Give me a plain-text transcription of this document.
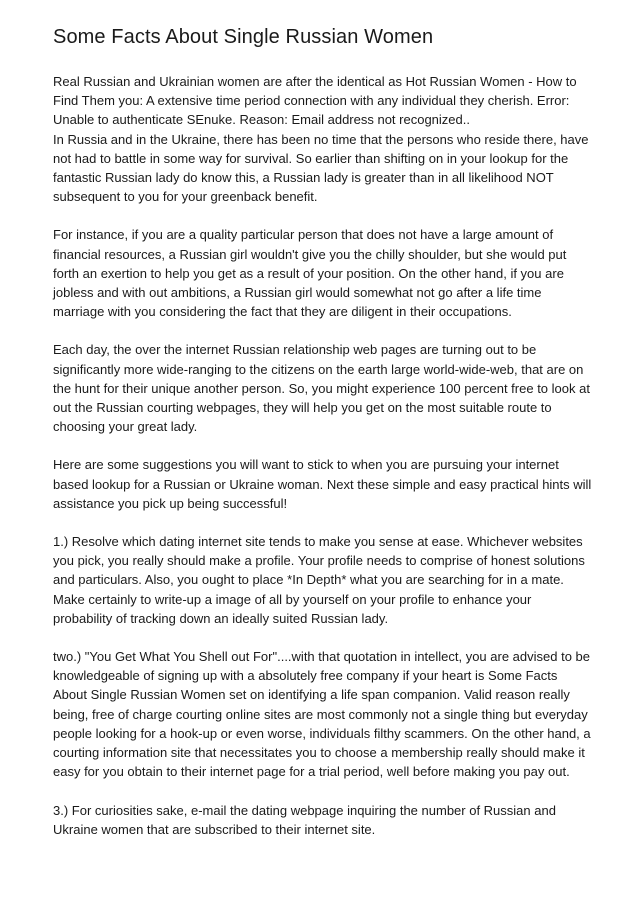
Some Facts About Single Russian Women

Real Russian and Ukrainian women are after the identical as Hot Russian Women - How to Find Them you: A extensive time period connection with any individual they cherish. Error: Unable to authenticate SEnuke. Reason: Email address not recognized..

In Russia and in the Ukraine, there has been no time that the persons who reside there, have not had to battle in some way for survival. So earlier than shifting on in your lookup for the fantastic Russian lady do know this, a Russian lady is greater than in all likelihood NOT subsequent to you for your greenback benefit.

For instance, if you are a quality particular person that does not have a large amount of financial resources, a Russian girl wouldn't give you the chilly shoulder, but she would put forth an exertion to help you get as a result of your position. On the other hand, if you are jobless and with out ambitions, a Russian girl would somewhat not go after a life time marriage with you considering the fact that they are diligent in their occupations.

Each day, the over the internet Russian relationship web pages are turning out to be significantly more wide-ranging to the citizens on the earth large world-wide-web, that are on the hunt for their unique another person. So, you might experience 100 percent free to look at out the Russian courting webpages, they will help you get on the most suitable route to choosing your great lady.

Here are some suggestions you will want to stick to when you are pursuing your internet based lookup for a Russian or Ukraine woman. Next these simple and easy practical hints will assistance you pick up being successful!

1.) Resolve which dating internet site tends to make you sense at ease. Whichever websites you pick, you really should make a profile. Your profile needs to comprise of honest solutions and particulars. Also, you ought to place *In Depth* what you are searching for in a mate. Make certainly to write-up a image of all by yourself on your profile to enhance your probability of tracking down an ideally suited Russian lady.

two.) "You Get What You Shell out For"....with that quotation in intellect, you are advised to be knowledgeable of signing up with a absolutely free company if your heart is Some Facts About Single Russian Women set on identifying a life span companion. Valid reason really being, free of charge courting online sites are most commonly not a single thing but everyday people looking for a hook-up or even worse, individuals filthy scammers. On the other hand, a courting information site that necessitates you to choose a membership really should make it easy for you obtain to their internet page for a trial period, well before making you pay out.

3.) For curiosities sake, e-mail the dating webpage inquiring the number of Russian and Ukraine women that are subscribed to their internet site.
